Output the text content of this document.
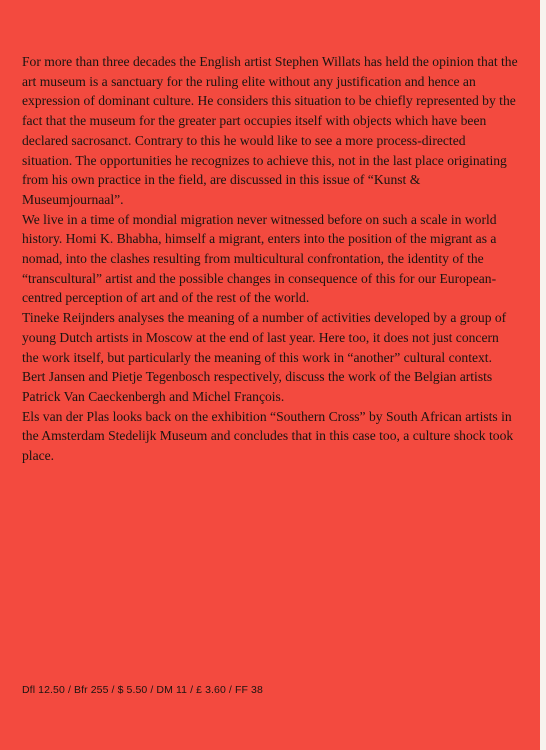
For more than three decades the English artist Stephen Willats has held the opinion that the art museum is a sanctuary for the ruling elite without any justification and hence an expression of dominant culture. He considers this situation to be chiefly represented by the fact that the museum for the greater part occupies itself with objects which have been declared sacrosanct. Contrary to this he would like to see a more process-directed situation. The opportunities he recognizes to achieve this, not in the last place originating from his own practice in the field, are discussed in this issue of “Kunst & Museumjournaal”.

We live in a time of mondial migration never witnessed before on such a scale in world history. Homi K. Bhabha, himself a migrant, enters into the position of the migrant as a nomad, into the clashes resulting from multicultural confrontation, the identity of the “transcultural” artist and the possible changes in consequence of this for our European-centred perception of art and of the rest of the world.

Tineke Reijnders analyses the meaning of a number of activities developed by a group of young Dutch artists in Moscow at the end of last year. Here too, it does not just concern the work itself, but particularly the meaning of this work in “another” cultural context.

Bert Jansen and Pietje Tegenbosch respectively, discuss the work of the Belgian artists Patrick Van Caeckenbergh and Michel François.

Els van der Plas looks back on the exhibition “Southern Cross” by South African artists in the Amsterdam Stedelijk Museum and concludes that in this case too, a culture shock took place.

Dfl 12.50 / Bfr 255 / $ 5.50 / DM 11 / £ 3.60 / FF 38
